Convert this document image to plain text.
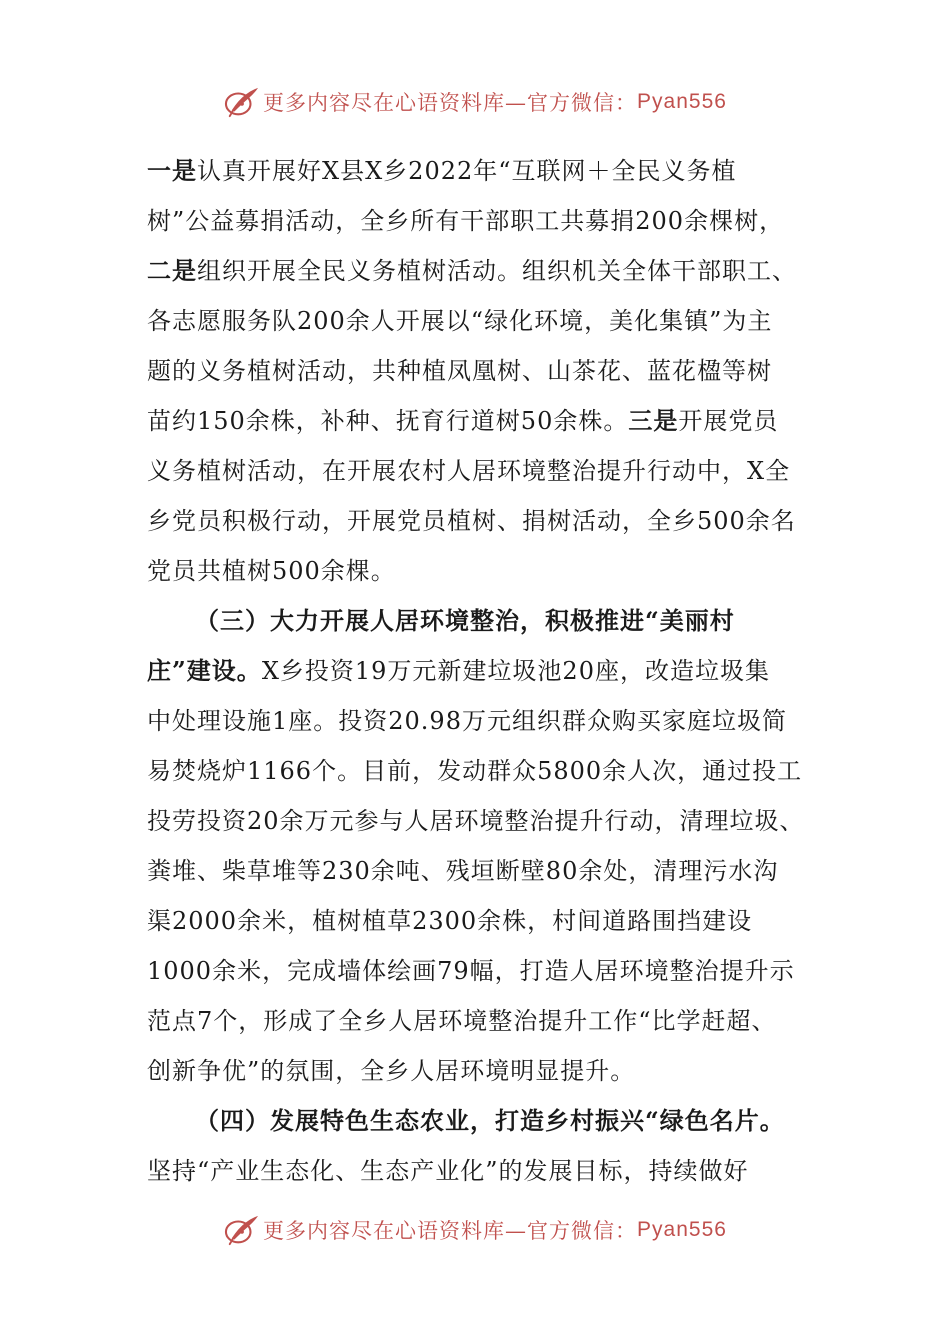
更多内容尽在心语资料库—官方微信： Pyan556
一是认真开展好X县X乡2022年“互联网＋全民义务植
树”公益募捐活动，全乡所有干部职工共募捐200余棵树，
二是组织开展全民义务植树活动。组织机关全体干部职工、
各志愿服务队200余人开展以“绿化环境，美化集镇”为主
题的义务植树活动，共种植凤凰树、山茶花、蓝花楹等树
苗约150余株，补种、抚育行道树50余株。三是开展党员
义务植树活动，在开展农村人居环境整治提升行动中，X全
乡党员积极行动，开展党员植树、捐树活动，全乡500余名
党员共植树500余棵。
（三）大力开展人居环境整治，积极推进“美丽村
庄”建设。X乡投资19万元新建垃圾池20座，改造垃圾集
中处理设施1座。投资20.98万元组织群众购买家庭垃圾简
易焚烧炉1166个。目前，发动群众5800余人次，通过投工
投劳投资20余万元参与人居环境整治提升行动，清理垃圾、
粪堆、柴草堆等230余吨、残垣断壁80余处，清理污水沟
渠2000余米，植树植草2300余株，村间道路围挡建设
1000余米，完成墙体绘画79幅，打造人居环境整治提升示
范点7个，形成了全乡人居环境整治提升工作“比学赶超、
创新争优”的氛围，全乡人居环境明显提升。
（四）发展特色生态农业，打造乡村振兴“绿色名片。
坚持“产业生态化、生态产业化”的发展目标，持续做好
更多内容尽在心语资料库—官方微信： Pyan556
